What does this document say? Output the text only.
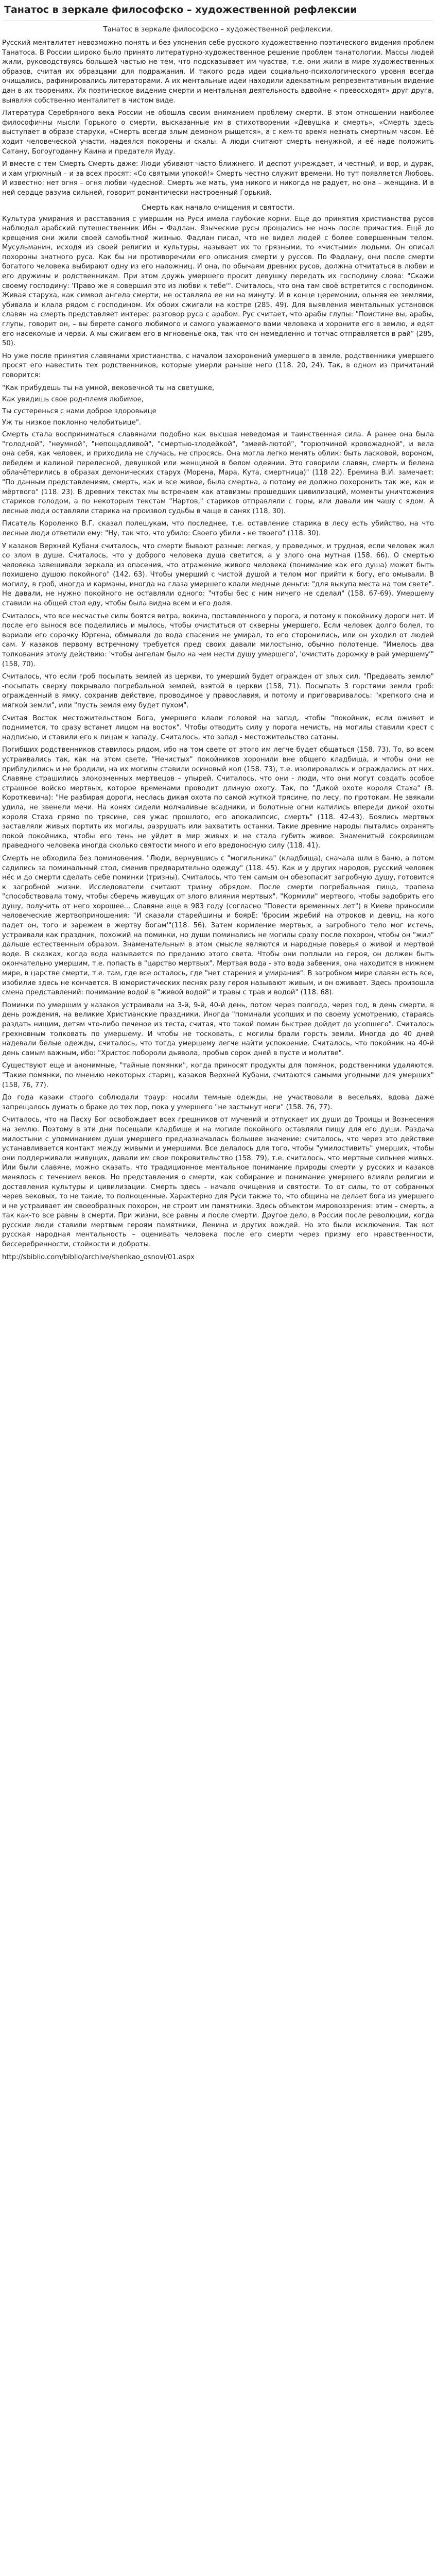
Танатос в зеркале философско – художественной рефлексии
Танатос в зеркале философско – художественной рефлексии.

Русский менталитет невозможно понять и без уяснения себе русского художественно-поэтического видения проблем Танатоса. В России широко было принято литературно-художественное решение проблем танатологии. Массы людей жили, руководствуясь большей частью не тем, что подсказывает им чувства, т.е. они жили в мире художественных образов, считая их образцами для подражания. И такого рода идеи социально-психологического уровня всегда очищались, рафинировались литераторами. А их ментальные идеи находили адекватным репрезентативным видение дан в их творениях. Их поэтическое видение смерти и ментальная деятельность вдвойне « превосходят» друг друга, выявляя собственно менталитет в чистом виде.

Литература Серебряного века России не обошла своим вниманием проблему смерти. В этом отношении наиболее философичны мысли Горького о смерти, высказанные им в стихотворении «Девушка и смерть», «Смерть здесь выступает в образе старухи, «Смерть всегда злым демоном рыщется», а с кем-то время незнать смертным часом. Её ходит человеческой участи, надеялся покорены и скалы. А люди считают смерть ненужной, и её наде положить Сатану, Богоугоданну Каина и предателя Иуду.

И вместе с тем Смерть Смерть даже: Люди убивают часто ближнего. И деспот учреждает, и честный, и вор, и дурак, и хам угрюмный – и за всех просят: «Со святыми упокой!» Смерть честно служит времени. Но тут появляется Любовь. И известно: нет огня – огня любви чудесной. Смерть же мать, ума никого и никогда не радует, но она – женщина. И в ней сердце разума сильней, говорит романтически настроенный Горький.

Смерть как начало очищения и святости.

Культура умирания и расставания с умершим на Руси имела глубокие корни. Еще до принятия христианства русов наблюдал арабский путешественник Ибн – Фадлан. Языческие русы прощались не ночь после причастия. Ещё до крещения они жили своей самобытной жизнью. Фадлан писал, что не видел людей с более совершенным телом. Мусульманин, исходя из своей религии и культуры, называет их то грязными, то «чистыми» людьми. Он описал похороны знатного руса. Как бы ни противоречили его описания смерти у руссов. По Фадлану, они после смерти богатого человека выбирают одну из его наложниц. И она, по обычаям древних русов, должна отчитаться в любви и его дружины и родственникам. При этом дружь умершего просит девушку передать их господину слова: "Скажи своему господину: 'Право же я совершил это из любви к тебе'". Считалось, что она там своё встретится с господином. Живая старуха, как символ ангела смерти, не оставляла ее ни на минуту. И в конце церемонии, ольняя ее землями, убивала и клала рядом с господином. Их обоих сжигали на костре (285, 49). Для выявления ментальных установок славян на смерть представляет интерес разговор руса с арабом. Рус считает, что арабы глупы: "Поистине вы, арабы, глупы, говорит он, – вы берете самого любимого и самого уважаемого вами человека и хороните его в землю, и едят его насекомые и черви. А мы сжигаем его в мгновенье ока, так что он немедленно и тотчас отправляется в рай" (285, 50).

Но уже после принятия славянами христианства, с началом захоронений умершего в земле, родственники умершего просят его навестить тех родственников, которые умерли раньше него (118. 20, 24). Так, в одном из причитаний говорится:

"Как прибудешь ты на умной, вековечной ты на светушке,

Как увидишь свое род-племя любимое,

Ты сустеренься с нами доброе здоровьице

Уж ты низкое поклонно челобитьице".

Смерть стала восприниматься славянами подобно как высшая неведомая и таинственная сила. А ранее она была "голодной", "неумной", "непощадливой", "смертью-злодейкой", "змеей-лютой", "горюпчиной кровожадной", и вела она себя, как человек, и приходила не случась, не спросясь. Она могла легко менять облик: быть ласковой, вороном, лебедем и калиной перелесной, девушкой или женщиной в белом одеянии. Это говорили славян, смерть и белена облачётерились в образах демонических старух (Морена, Мара, Кута, смертница)" (118 22). Еремина В.И. замечает: "По данным представлениям, смерть, как и все живое, была смертна, а потому ее должно похоронить так же, как и мёртвого" (118. 23). В древних текстах мы встречаем как атавизмы прошедших цивилизаций, моменты уничтожения стариков голодом, а по некоторым текстам "Нартов," стариков отправляли с горы, или давали им чашу с ядом. А лесные люди оставляли старика на произвол судьбы в чаще в санях (118, 30).

Писатель Короленко В.Г. сказал полешукам, что последнее, т.е. оставление старика в лесу есть убийство, на что лесные люди ответили ему: "Ну, так что, что убило: Своего убили - не твоего" (118. 30).

У казаков Верхней Кубани считалось, что смерти бывают разные: легкая, у праведных, и трудная, если человек жил со злом в душе. Считалось, что у доброго человека душа светится, а у злого она мутная (158. 66). О смертью человека завешивали зеркала из опасения, что отражение живого человека (понимание как его душа) может быть похищено душою покойного" (142. 63). Чтобы умерший с чистой душой и телом мог прийти к богу, его омывали. В могилу, в гроб, иногда и карманы, иногда на глаза умершего клали медные деньги: "для выкупа места на том свете". Не давали, не нужно покойного не оставляли одного: "чтобы бес с ним ничего не сделал" (158. 67-69). Умершему ставили на общей стол еду, чтобы была видна всем и его доля.

Считалось, что все несчастье силы боятся ветра, вокина, поставленного у порога, и потому к покойнику дороги нет. И после его вынося все поделились и мылось, чтобы очиститься от скверны умершего. Если человек долго болел, то вариали его сорочку Юргена, обмывали до вода спасения не умирал, то его сторонились, или он уходил от людей сам. У казаков первому встречному требуется пред своих давали милостыню, обычно полотенце. "Имелось два толкования этому действию: 'чтобы ангелам было на чем нести душу умершего', 'очистить дорожку в рай умершему'" (158, 70).

Считалось, что если гроб посыпать землей из церкви, то умерший будет огражден от злых сил. "Предавать землю" -посыпать сверху покрывало погребальной землей, взятой в церкви (158, 71). Посыпать 3 горстями земли гроб: огражденный в ямку, сохранив действие, проводимое у православия, и потому и приговаривалось: "крепкого сна и мягкой земли", или "пусть земля ему будет пухом".

Считая Восток местожительством Бога, умершего клали головой на запад, чтобы "покойник, если оживет и поднимется, то сразу встанет лицом на восток". Чтобы отводить силу у порога нечисть, на могилы ставили крест с надписью, и ставили его к лицам к западу. Считалось, что запад - местожительство сатаны.

Погибших родственников ставилось рядом, ибо на том свете от этого им легче будет общаться (158. 73). То, во всем устраивались так, как на этом свете. "Нечистых" покойников хоронили вне общего кладбища, и чтобы они не приблудились и не бродили, на их могилы ставили осиновый кол (158. 73), т.е. изолировались и ограждались от них. Славяне страшились злокозненных мертвецов – упырей. Считалось, что они - люди, что они могут создать особое страшное войско мертвых, которое временами проводит длиную охоту. Так, по "Дикой охоте короля Стаха" (В. Короткевича): "Не разбирая дороги, неслась дикая охота по самой жуткой трясине, по лесу, по протокам. Не звякали удила, не звенели мечи. На конях сидели молчаливые всадники, и болотные огни катились впереди дикой охоты короля Стаха прямо по трясине, сея ужас прошлого, его апокалипсис, смерть" (118. 42-43). Боялись мертвых заставляли живых портить их могилы, разрушать или захватить останки. Такие древние народы пытались охранять покой покойника, чтобы его тень не уйдет в мир живых и не стала губить живое. Знаменитый сокровищам праведного человека иногда сколько святости много и его вредоносную силу (118. 41).

Смерть не обходила без поминовения. "Люди, вернувшись с "могильника" (кладбища), сначала шли в баню, а потом садились за поминальный стол, сменив предварительно одежду" (118. 45). Как и у других народов, русский человек нёс и до смерти сделать себе поминки (тризны). Считалось, что тем самым он обезопасит загробную душу, готовится к загробной жизни. Исследователи считают тризну обрядом. После смерти погребальная пища, трапеза "способствовала тому, чтобы сберечь живущих от злого влияния мертвых". "Кормили" мертвого, чтобы задобрить его душу, получить от него хорошее... Славяне еще в 983 году (согласно "Повести временных лет") в Киеве приносили человеческие жертвоприношения: "И сказали старейшины и боярЕ: 'бросим жребий на отроков и девиц, на кого падет он, того и зарежем в жертву богам'"(118. 56). Затем кормление мертвых, а загробного тело мог истечь, устраивали как праздник, похожий на поминки, но души поминались не могилы сразу после похорон, чтобы он "жил" дальше естественным образом. Знаменательным в этом смысле являются и народные поверья о живой и мертвой воде. В сказках, когда вода называется по преданию этого света. Чтобы они поплыли на героя, он должен быть окончательно умершим, т.е. попасть в "царство мертвых". Мертвая вода - это вода забвения, она находится в нижнем мире, в царстве смерти, т.е. там, где все осталось, где "нет старения и умирания". В загробном мире славян есть все, изобилие здесь не кончается. В юмористических песнях разу героя называют живым, и он оживает. Здесь произошла смена представлений: понимание водой в "живой водой" и травы с трав и водой" (118. 68).

Поминки по умершим у казаков устраивали на 3-й, 9-й, 40-й день, потом через полгода, через год, в день смерти, в день рождения, на великие Христианские праздники. Иногда "поминали усопших и по своему усмотрению, стараясь раздать нищим, детям что-либо печеное из теста, считая, что такой помин быстрее дойдет до усопшего". Считалось грехновным толковать по умершему. И чтобы не тосковать, с могилы брали горсть земли. Иногда до 40 дней надевали белые одежды, считалось, что тогда умершему легче найти успокоение. Считалось, что покойник на 40-й день самым важным, ибо: "Христос побороли дьявола, пробыв сорок дней в пусте и молитве".

Существуют еще и анонимные, "тайные помянки", когда приносят продукты для помянок, родственники удаляются. "Такие помянки, по мнению некоторых стариц, казаков Верхней Кубани, считаются самыми угодными для умерших" (158, 76, 77).

До года казаки строго соблюдали траур: носили темные одежды, не участвовали в весельях, вдова даже запрещалось думать о браке до тех пор, пока у умершего "не застынут ноги" (158. 76, 77).

Считалось, что на Пасху Бог освобождает всех грешников от мучений и отпускает их души до Троицы и Вознесения на землю. Поэтому в эти дни посещали кладбище и на могиле покойного оставляли пищу для его души. Раздача милостыни с упоминанием души умершего предназначалась большее значение: считалось, что через это действие устанавливается контакт между живыми и умершими. Все делалось для того, чтобы "умилостивить" умерших, чтобы они поддерживали живущих, давали им свое покровительство (158. 79), т.е. считалось, что мертвые сильнее живых. Или были славяне, можно сказать, что традиционное ментальное понимание природы смерти у русских и казаков менялось с течением веков. Но представления о смерти, как собирание и понимание умершего влияли религии и доставления культуры и цивилизации. Смерть здесь - начало очищения и святости. То от силы, то от собранных черев вековых, то не такие, то полноценные. Характерно для Руси также то, что община не делает бога из умершего и не устраивает им своеобразных похорон, не строит им памятники. Здесь объектом мировоззрения: этим - смерть, а так как-то все равны в смерти. При жизни, все равны и после смерти. Другое дело, в России после революции, когда русские люди ставили мертвым героям памятники, Ленина и других вождей. Но это были исключения. Так вот русская народная ментальность – оценивать человека после его смерти через призму его нравственности, бессеребренности, стойкости и доброты.

http://sbiblio.com/biblio/archive/shenkao_osnovi/01.aspx
